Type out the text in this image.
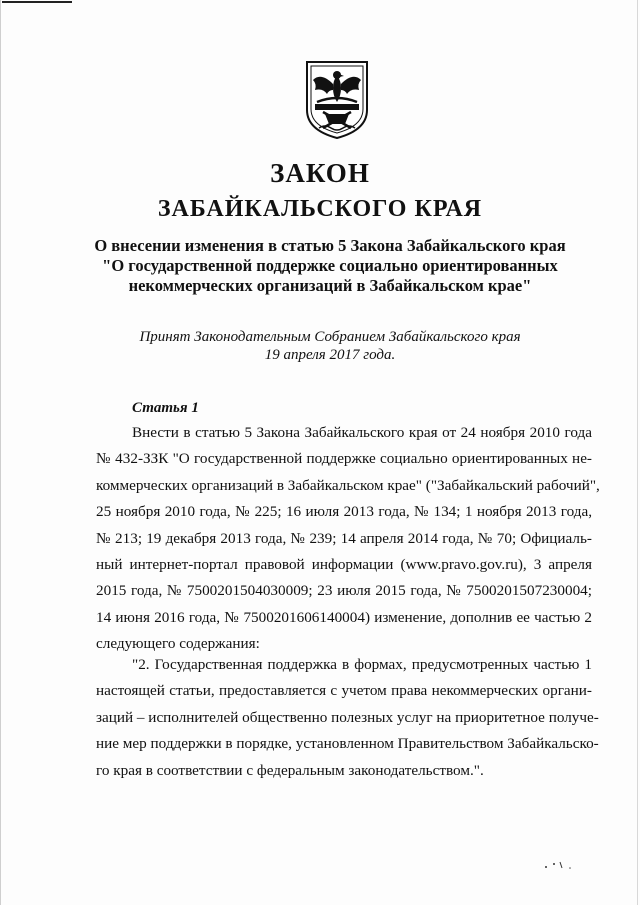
ЗАКОН
ЗАБАЙКАЛЬСКОГО КРАЯ
О внесении изменения в статью 5 Закона Забайкальского края
"О государственной поддержке социально ориентированных
некоммерческих организаций в Забайкальском крае"
Принят Законодательным Собранием Забайкальского края
19 апреля 2017 года.
Статья 1
Внести в статью 5 Закона Забайкальского края от 24 ноября 2010 года
№ 432-ЗЗК "О государственной поддержке социально ориентированных не-
коммерческих организаций в Забайкальском крае" ("Забайкальский рабочий",
25 ноября 2010 года, № 225; 16 июля 2013 года, № 134; 1 ноября 2013 года,
№ 213; 19 декабря 2013 года, № 239; 14 апреля 2014 года, № 70; Официаль-
ный интернет-портал правовой информации (www.pravo.gov.ru), 3 апреля
2015 года, № 7500201504030009; 23 июля 2015 года, № 7500201507230004;
14 июня 2016 года, № 7500201606140004) изменение, дополнив ее частью 2
следующего содержания:
"2. Государственная поддержка в формах, предусмотренных частью 1
настоящей статьи, предоставляется с учетом права некоммерческих органи-
заций – исполнителей общественно полезных услуг на приоритетное получе-
ние мер поддержки в порядке, установленном Правительством Забайкальско-
го края в соответствии с федеральным законодательством.".
